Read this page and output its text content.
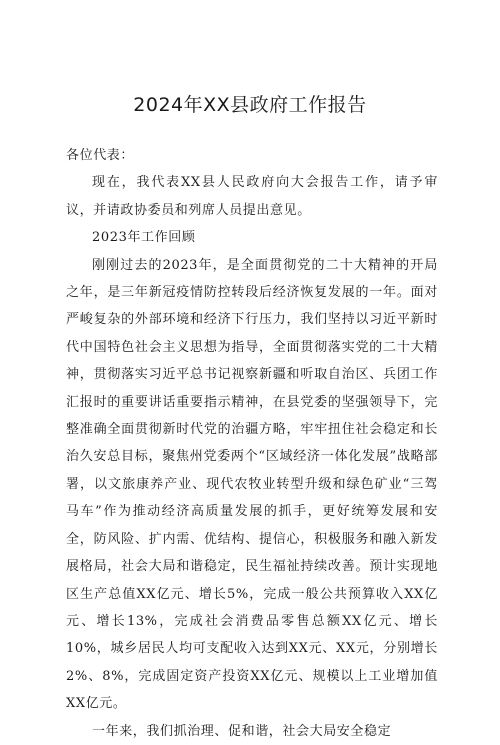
2024年XX县政府工作报告

各位代表：

现在，我代表XX县人民政府向大会报告工作，请予审议，并请政协委员和列席人员提出意见。

2023年工作回顾

刚刚过去的2023年，是全面贯彻党的二十大精神的开局之年，是三年新冠疫情防控转段后经济恢复发展的一年。面对严峻复杂的外部环境和经济下行压力，我们坚持以习近平新时代中国特色社会主义思想为指导，全面贯彻落实党的二十大精神，贯彻落实习近平总书记视察新疆和听取自治区、兵团工作汇报时的重要讲话重要指示精神，在县党委的坚强领导下，完整准确全面贯彻新时代党的治疆方略，牢牢扭住社会稳定和长治久安总目标，聚焦州党委两个“区域经济一体化发展”战略部署，以文旅康养产业、现代农牧业转型升级和绿色矿业“三驾马车”作为推动经济高质量发展的抓手，更好统筹发展和安全，防风险、扩内需、优结构、提信心，积极服务和融入新发展格局，社会大局和谐稳定，民生福祉持续改善。预计实现地区生产总值XX亿元、增长5%，完成一般公共预算收入XX亿元、增长13%，完成社会消费品零售总额XX亿元、增长10%，城乡居民人均可支配收入达到XX元、XX元，分别增长2%、8%，完成固定资产投资XX亿元、规模以上工业增加值XX亿元。

一年来，我们抓治理、促和谐，社会大局安全稳定
